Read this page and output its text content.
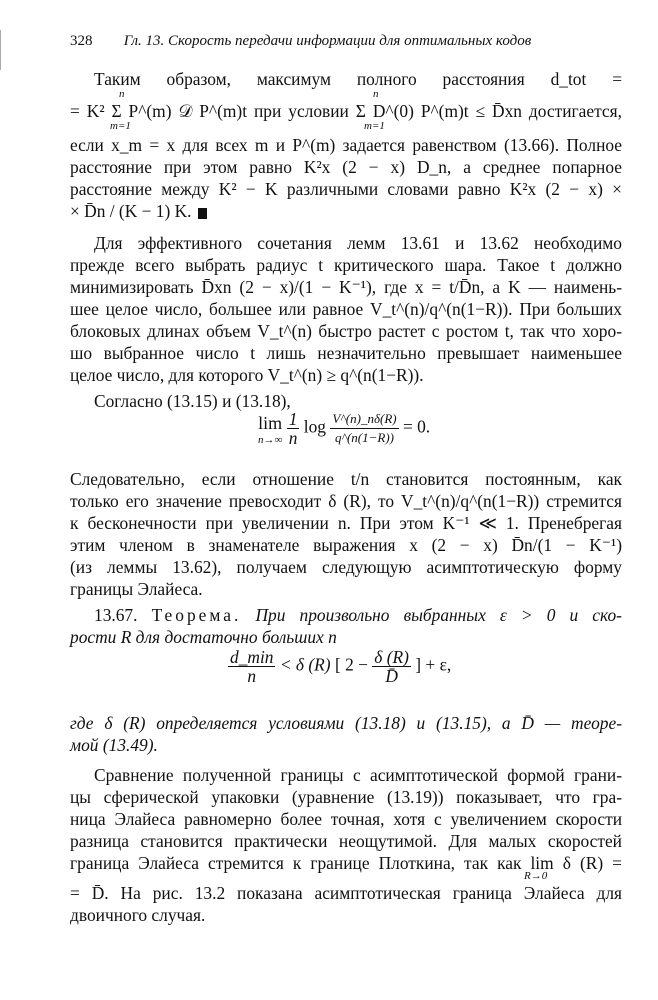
328 Гл. 13. Скорость передачи информации для оптимальных кодов
Таким образом, максимум полного расстояния d_tot =
= K² Σ P^(m) 𝒟 P^(m)t при условии Σ D^(0) P^(m)t ≤ D̄xn достигается,
n
m=1
n
m=1
если x_m = x для всех m и P^(m) задается равенством (13.66). Полное
расстояние при этом равно K²x (2 − x) D_n, а среднее попарное
расстояние между K² − K различными словами равно K²x (2 − x) ×
× D̄n / (K − 1) K.
Для эффективного сочетания лемм 13.61 и 13.62 необходимо
прежде всего выбрать радиус t критического шара. Такое t должно
минимизировать D̄xn (2 − x)/(1 − K⁻¹), где x = t/D̄n, а K — наимень-
шее целое число, большее или равное V_t^(n)/q^(n(1−R)). При больших
блоковых длинах объем V_t^(n) быстро растет с ростом t, так что хоро-
шо выбранное число t лишь незначительно превышает наименьшее
целое число, для которого V_t^(n) ≥ q^(n(1−R)).
Согласно (13.15) и (13.18),
lim
n→∞
$\frac{1}{n}$ $\log \frac{V\^{}(n)\_n\delta(R)}{q\^{}(n(1-R))} = 0$.
Следовательно, если отношение t/n становится постоянным, как
только его значение превосходит δ (R), то V_t^(n)/q^(n(1−R)) стремится
к бесконечности при увеличении n. При этом K⁻¹ ≪ 1. Пренебрегая
этим членом в знаменателе выражения x (2 − x) D̄n/(1 − K⁻¹)
(из леммы 13.62), получаем следующую асимптотическую форму
границы Элайеса.
13.67. Теорема. При произвольно выбранных ε > 0 и ско-
рости R для достаточно больших n
$\frac{d\_\min}{n} < \delta$ (R) [ $2 - \frac{\delta (R)}{D̄}$ ] + ε,
где δ (R) определяется условиями (13.18) и (13.15), а D̄ — теоре-
мой (13.49).
Сравнение полученной границы с асимптотической формой грани-
цы сферической упаковки (уравнение (13.19)) показывает, что гра-
ница Элайеса равномерно более точная, хотя с увеличением скорости
разница становится практически неощутимой. Для малых скоростей
граница Элайеса стремится к границе Плоткина, так как lim δ (R) =
R→0
= D̄. На рис. 13.2 показана асимптотическая граница Элайеса для
двоичного случая.
